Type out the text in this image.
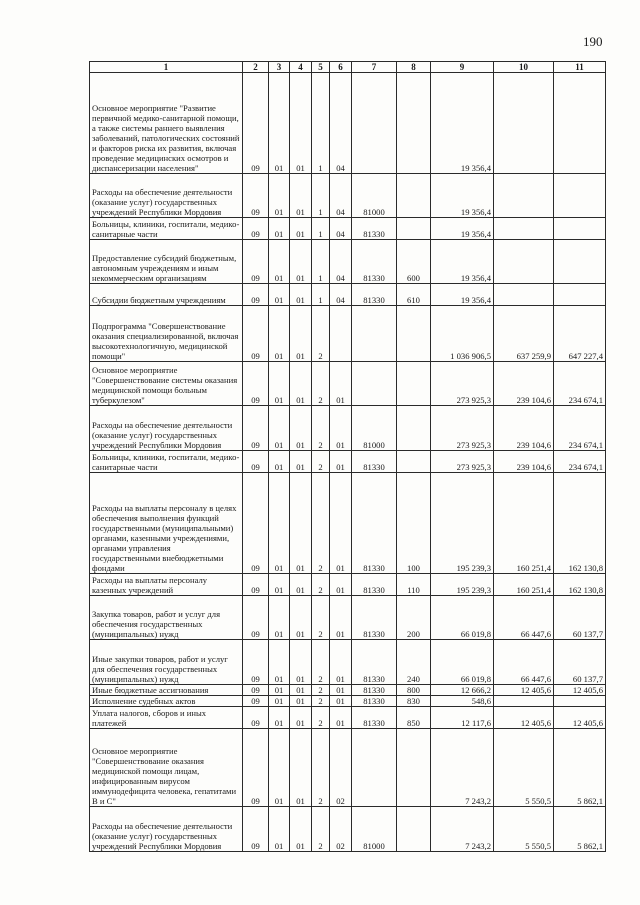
190
1	2	3	4	5	6	7	8	9	10	11
Основное мероприятие "Развитие первичной медико-санитарной помощи, а также системы раннего выявления заболеваний, патологических состояний и факторов риска их развития, включая проведение медицинских осмотров и диспансеризации населения"	09	01	01	1	04			19 356,4		
Расходы на обеспечение деятельности (оказание услуг) государственных учреждений Республики Мордовия	09	01	01	1	04	81000		19 356,4		
Больницы, клиники, госпитали, медико-санитарные части	09	01	01	1	04	81330		19 356,4		
Предоставление субсидий бюджетным, автономным учреждениям и иным некоммерческим организациям	09	01	01	1	04	81330	600	19 356,4		
Субсидии бюджетным учреждениям	09	01	01	1	04	81330	610	19 356,4		
Подпрограмма "Совершенствование оказания специализированной, включая высокотехнологичную, медицинской помощи"	09	01	01	2				1 036 906,5	637 259,9	647 227,4
Основное мероприятие "Совершенствование системы оказания медицинской помощи больным туберкулезом"	09	01	01	2	01			273 925,3	239 104,6	234 674,1
Расходы на обеспечение деятельности (оказание услуг) государственных учреждений Республики Мордовия	09	01	01	2	01	81000		273 925,3	239 104,6	234 674,1
Больницы, клиники, госпитали, медико-санитарные части	09	01	01	2	01	81330		273 925,3	239 104,6	234 674,1
Расходы на выплаты персоналу в целях обеспечения выполнения функций государственными (муниципальными) органами, казенными учреждениями, органами управления государственными внебюджетными фондами	09	01	01	2	01	81330	100	195 239,3	160 251,4	162 130,8
Расходы на выплаты персоналу казенных учреждений	09	01	01	2	01	81330	110	195 239,3	160 251,4	162 130,8
Закупка товаров, работ и услуг для обеспечения государственных (муниципальных) нужд	09	01	01	2	01	81330	200	66 019,8	66 447,6	60 137,7
Иные закупки товаров, работ и услуг для обеспечения государственных (муниципальных) нужд	09	01	01	2	01	81330	240	66 019,8	66 447,6	60 137,7
Иные бюджетные ассигнования	09	01	01	2	01	81330	800	12 666,2	12 405,6	12 405,6
Исполнение судебных актов	09	01	01	2	01	81330	830	548,6		
Уплата налогов, сборов и иных платежей	09	01	01	2	01	81330	850	12 117,6	12 405,6	12 405,6
Основное мероприятие "Совершенствование оказания медицинской помощи лицам, инфицированным вирусом иммунодефицита человека, гепатитами В и С"	09	01	01	2	02			7 243,2	5 550,5	5 862,1
Расходы на обеспечение деятельности (оказание услуг) государственных учреждений Республики Мордовия	09	01	01	2	02	81000		7 243,2	5 550,5	5 862,1
